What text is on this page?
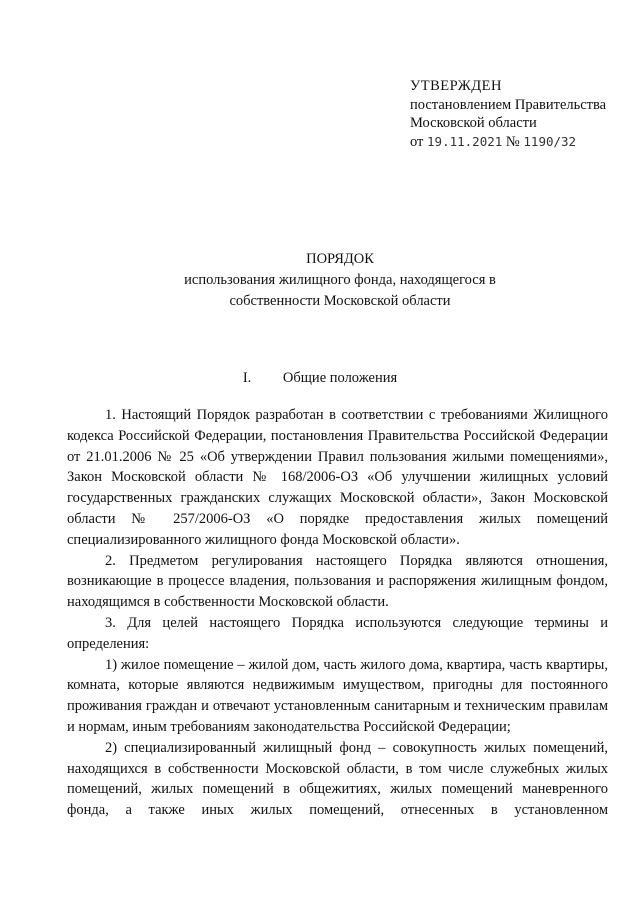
УТВЕРЖДЕН
постановлением Правительства
Московской области
от 19.11.2021 № 1190/32
ПОРЯДОК
использования жилищного фонда, находящегося в
собственности Московской области
I. Общие положения

1. Настоящий Порядок разработан в соответствии с требованиями Жилищного кодекса Российской Федерации, постановления Правительства Российской Федерации от 21.01.2006 № 25 «Об утверждении Правил пользования жилыми помещениями», Закон Московской области № 168/2006-ОЗ «Об улучшении жилищных условий государственных гражданских служащих Московской области», Закон Московской области № 257/2006-ОЗ «О порядке предоставления жилых помещений специализированного жилищного фонда Московской области».

2. Предметом регулирования настоящего Порядка являются отношения, возникающие в процессе владения, пользования и распоряжения жилищным фондом, находящимся в собственности Московской области.

3. Для целей настоящего Порядка используются следующие термины и определения:

1) жилое помещение – жилой дом, часть жилого дома, квартира, часть квартиры, комната, которые являются недвижимым имуществом, пригодны для постоянного проживания граждан и отвечают установленным санитарным и техническим правилам и нормам, иным требованиям законодательства Российской Федерации;

2) специализированный жилищный фонд – совокупность жилых помещений, находящихся в собственности Московской области, в том числе служебных жилых помещений, жилых помещений в общежитиях, жилых помещений маневренного фонда, а также иных жилых помещений, отнесенных в установленном
